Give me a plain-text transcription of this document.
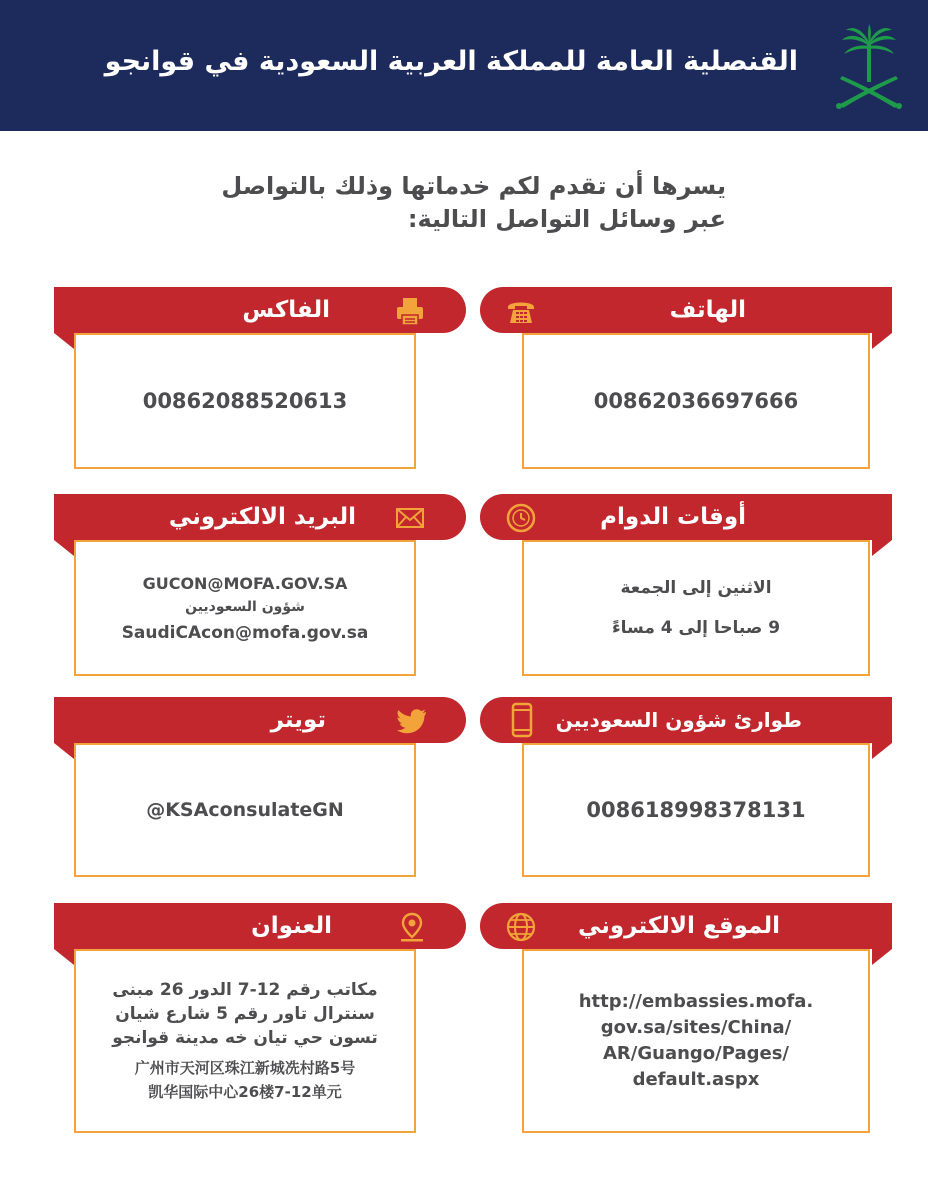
القنصلية العامة للمملكة العربية السعودية في قوانجو
يسرها أن تقدم لكم خدماتها وذلك بالتواصل
عبر وسائل التواصل التالية:
الهاتف
00862036697666
الفاكس
00862088520613
أوقات الدوام
الاثنين إلى الجمعة
9 صباحا إلى 4 مساءً
البريد الالكتروني
GUCON@MOFA.GOV.SA
شؤون السعوديين
SaudiCAcon@mofa.gov.sa
طوارئ شؤون السعوديين
008618998378131
تويتر
@KSAconsulateGN
الموقع الالكتروني
http://embassies.mofa.
gov.sa/sites/China/
AR/Guango/Pages/
default.aspx
العنوان
مكاتب رقم 12-7 الدور 26 مبنى
سنترال تاور رقم 5 شارع شيان
تسون حي تيان خه مدينة قوانجو
广州市天河区珠江新城冼村路5号
凯华国际中心26楼7-12单元
